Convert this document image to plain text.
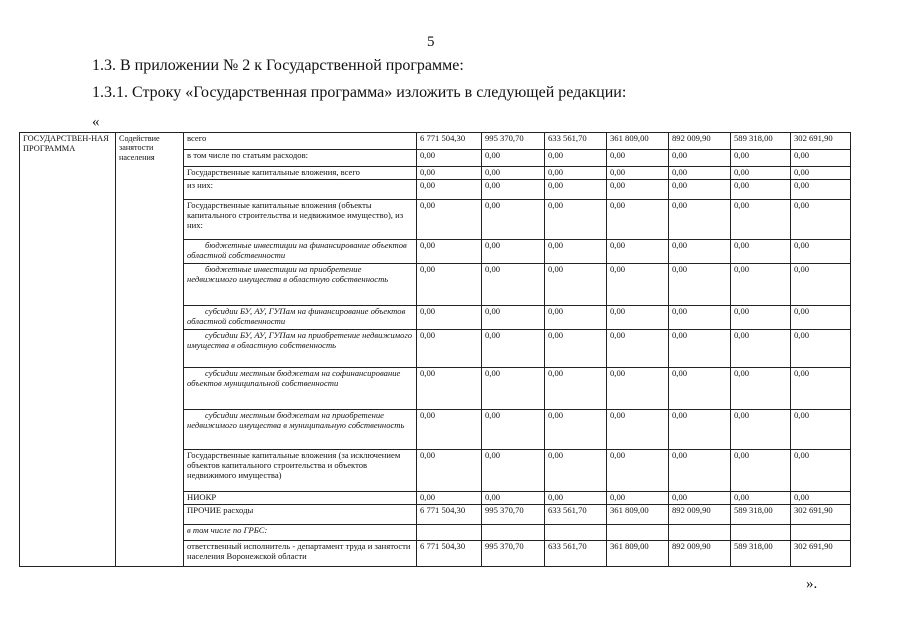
5
1.3. В приложении № 2 к Государственной программе:
1.3.1. Строку «Государственная программа» изложить в следующей редакции:
«
ГОСУДАРСТВЕН-НАЯ ПРОГРАММА	Содействие занятости населения	всего	6 771 504,30	995 370,70	633 561,70	361 809,00	892 009,90	589 318,00	302 691,90
		в том числе по статьям расходов:	0,00	0,00	0,00	0,00	0,00	0,00	0,00
		Государственные капитальные вложения, всего	0,00	0,00	0,00	0,00	0,00	0,00	0,00
		из них:	0,00	0,00	0,00	0,00	0,00	0,00	0,00
		Государственные капитальные вложения (объекты капитального строительства и недвижимое имущество), из них:	0,00	0,00	0,00	0,00	0,00	0,00	0,00
		бюджетные инвестиции на финансирование объектов областной собственности	0,00	0,00	0,00	0,00	0,00	0,00	0,00
		бюджетные инвестиции на приобретение недвижимого имущества в областную собственность	0,00	0,00	0,00	0,00	0,00	0,00	0,00
		субсидии БУ, АУ, ГУПам на финансирование объектов областной собственности	0,00	0,00	0,00	0,00	0,00	0,00	0,00
		субсидии БУ, АУ, ГУПам на приобретение недвижимого имущества в областную собственность	0,00	0,00	0,00	0,00	0,00	0,00	0,00
		субсидии местным бюджетам на софинансирование объектов муниципальной собственности	0,00	0,00	0,00	0,00	0,00	0,00	0,00
		субсидии местным бюджетам на приобретение недвижимого имущества в муниципальную собственность	0,00	0,00	0,00	0,00	0,00	0,00	0,00
		Государственные капитальные вложения (за исключением объектов капитального строительства и объектов недвижимого имущества)	0,00	0,00	0,00	0,00	0,00	0,00	0,00
		НИОКР	0,00	0,00	0,00	0,00	0,00	0,00	0,00
		ПРОЧИЕ расходы	6 771 504,30	995 370,70	633 561,70	361 809,00	892 009,90	589 318,00	302 691,90
		в том числе по ГРБС:							
		ответственный исполнитель - департамент труда и занятости населения Воронежской области	6 771 504,30	995 370,70	633 561,70	361 809,00	892 009,90	589 318,00	302 691,90
».
